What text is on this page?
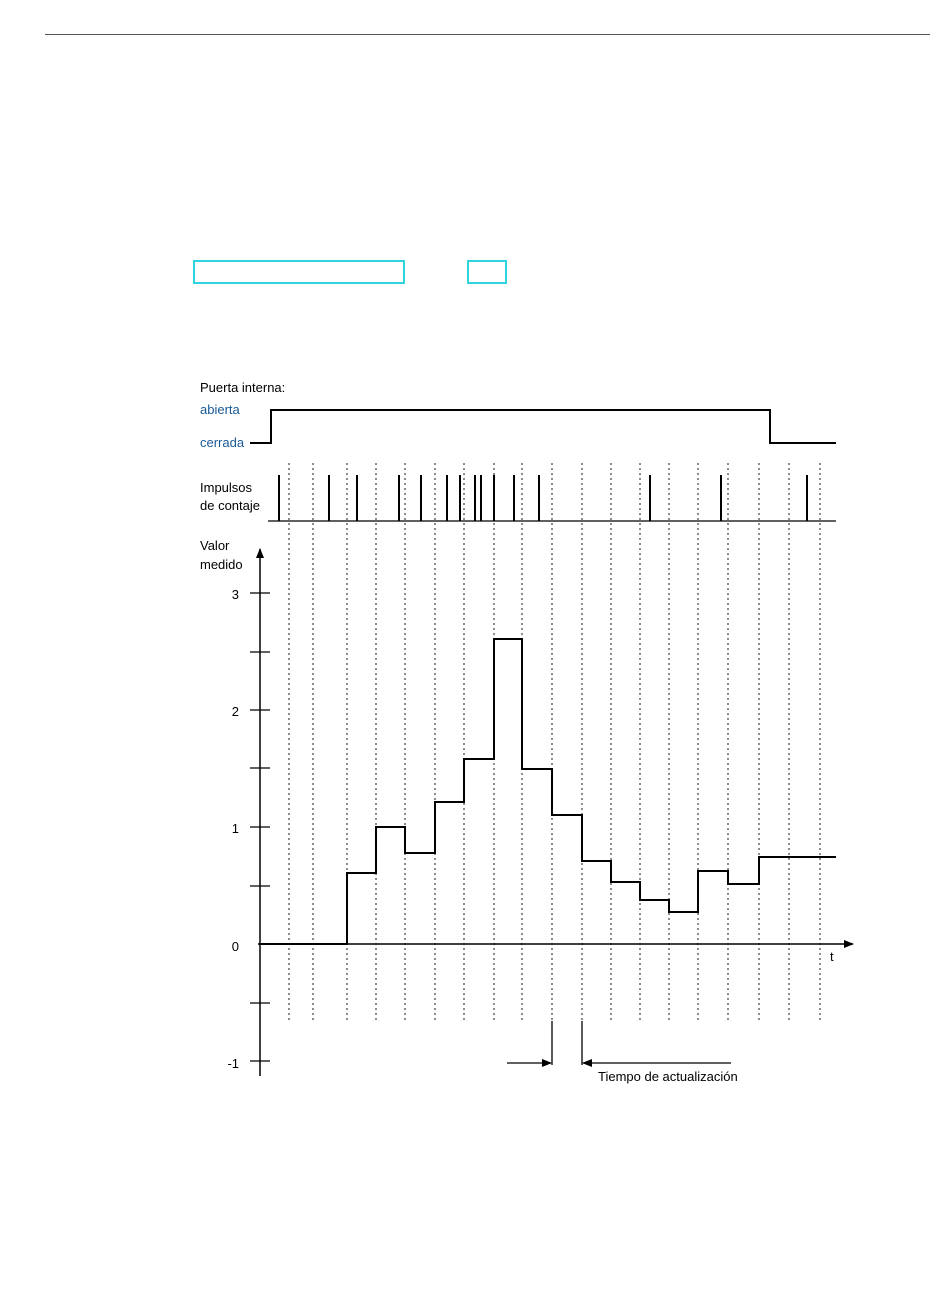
Puerta interna:
abierta
cerrada
Impulsos
de contaje
Valor
medido
t
3
2
1
0
-1
Tiempo de actualización
